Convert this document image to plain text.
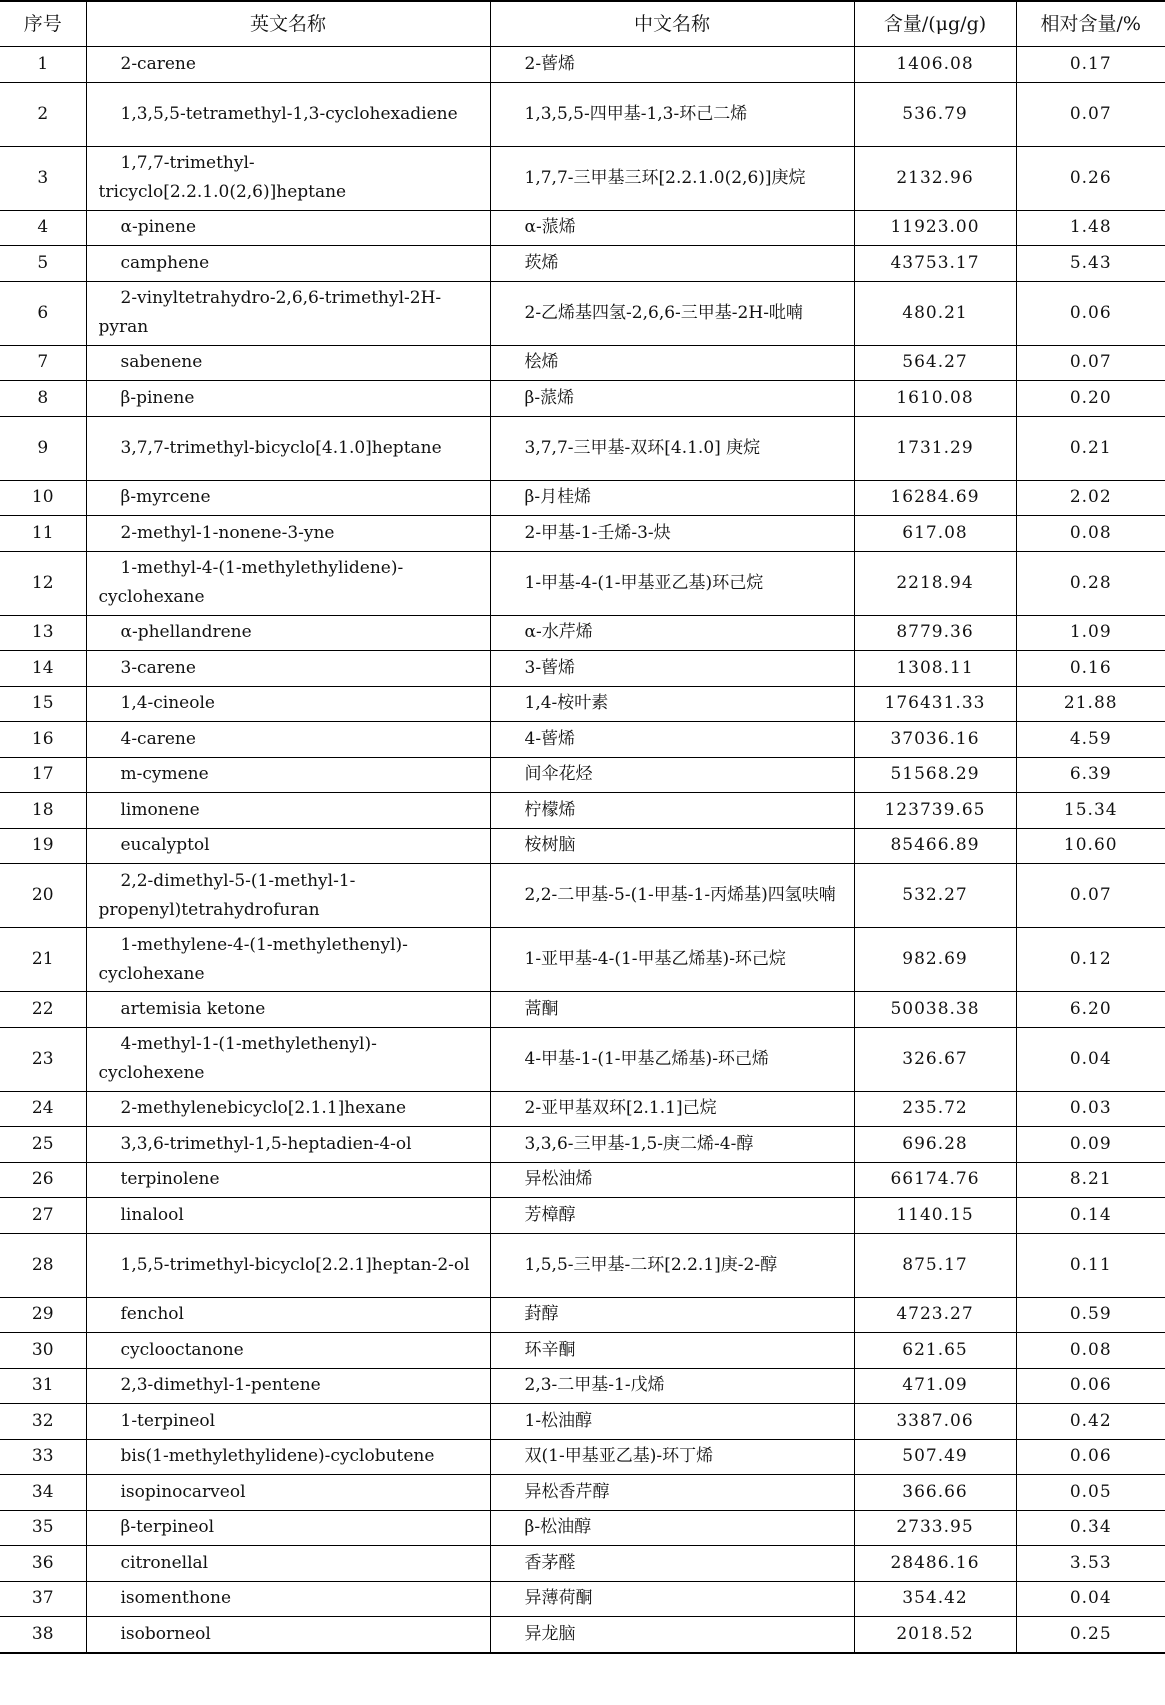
序号	英文名称	中文名称	含量/(μg/g)	相对含量/%
1	2-carene	2-蒈烯	1406.08	0.17
2	1,3,5,5-tetramethyl-1,3-cyclohexadiene	1,3,5,5-四甲基-1,3-环己二烯	536.79	0.07
3	1,7,7-trimethyl-tricyclo[2.2.1.0(2,6)]heptane	1,7,7-三甲基三环[2.2.1.0(2,6)]庚烷	2132.96	0.26
4	α-pinene	α-蒎烯	11923.00	1.48
5	camphene	莰烯	43753.17	5.43
6	2-vinyltetrahydro-2,6,6-trimethyl-2H-pyran	2-乙烯基四氢-2,6,6-三甲基-2H-吡喃	480.21	0.06
7	sabenene	桧烯	564.27	0.07
8	β-pinene	β-蒎烯	1610.08	0.20
9	3,7,7-trimethyl-bicyclo[4.1.0]heptane	3,7,7-三甲基-双环[4.1.0] 庚烷	1731.29	0.21
10	β-myrcene	β-月桂烯	16284.69	2.02
11	2-methyl-1-nonene-3-yne	2-甲基-1-壬烯-3-炔	617.08	0.08
12	1-methyl-4-(1-methylethylidene)-cyclohexane	1-甲基-4-(1-甲基亚乙基)环己烷	2218.94	0.28
13	α-phellandrene	α-水芹烯	8779.36	1.09
14	3-carene	3-蒈烯	1308.11	0.16
15	1,4-cineole	1,4-桉叶素	176431.33	21.88
16	4-carene	4-蒈烯	37036.16	4.59
17	m-cymene	间伞花烃	51568.29	6.39
18	limonene	柠檬烯	123739.65	15.34
19	eucalyptol	桉树脑	85466.89	10.60
20	2,2-dimethyl-5-(1-methyl-1-propenyl)tetrahydrofuran	2,2-二甲基-5-(1-甲基-1-丙烯基)四氢呋喃	532.27	0.07
21	1-methylene-4-(1-methylethenyl)-cyclohexane	1-亚甲基-4-(1-甲基乙烯基)-环己烷	982.69	0.12
22	artemisia ketone	蒿酮	50038.38	6.20
23	4-methyl-1-(1-methylethenyl)-cyclohexene	4-甲基-1-(1-甲基乙烯基)-环己烯	326.67	0.04
24	2-methylenebicyclo[2.1.1]hexane	2-亚甲基双环[2.1.1]己烷	235.72	0.03
25	3,3,6-trimethyl-1,5-heptadien-4-ol	3,3,6-三甲基-1,5-庚二烯-4-醇	696.28	0.09
26	terpinolene	异松油烯	66174.76	8.21
27	linalool	芳樟醇	1140.15	0.14
28	1,5,5-trimethyl-bicyclo[2.2.1]heptan-2-ol	1,5,5-三甲基-二环[2.2.1]庚-2-醇	875.17	0.11
29	fenchol	葑醇	4723.27	0.59
30	cyclooctanone	环辛酮	621.65	0.08
31	2,3-dimethyl-1-pentene	2,3-二甲基-1-戊烯	471.09	0.06
32	1-terpineol	1-松油醇	3387.06	0.42
33	bis(1-methylethylidene)-cyclobutene	双(1-甲基亚乙基)-环丁烯	507.49	0.06
34	isopinocarveol	异松香芹醇	366.66	0.05
35	β-terpineol	β-松油醇	2733.95	0.34
36	citronellal	香茅醛	28486.16	3.53
37	isomenthone	异薄荷酮	354.42	0.04
38	isoborneol	异龙脑	2018.52	0.25
